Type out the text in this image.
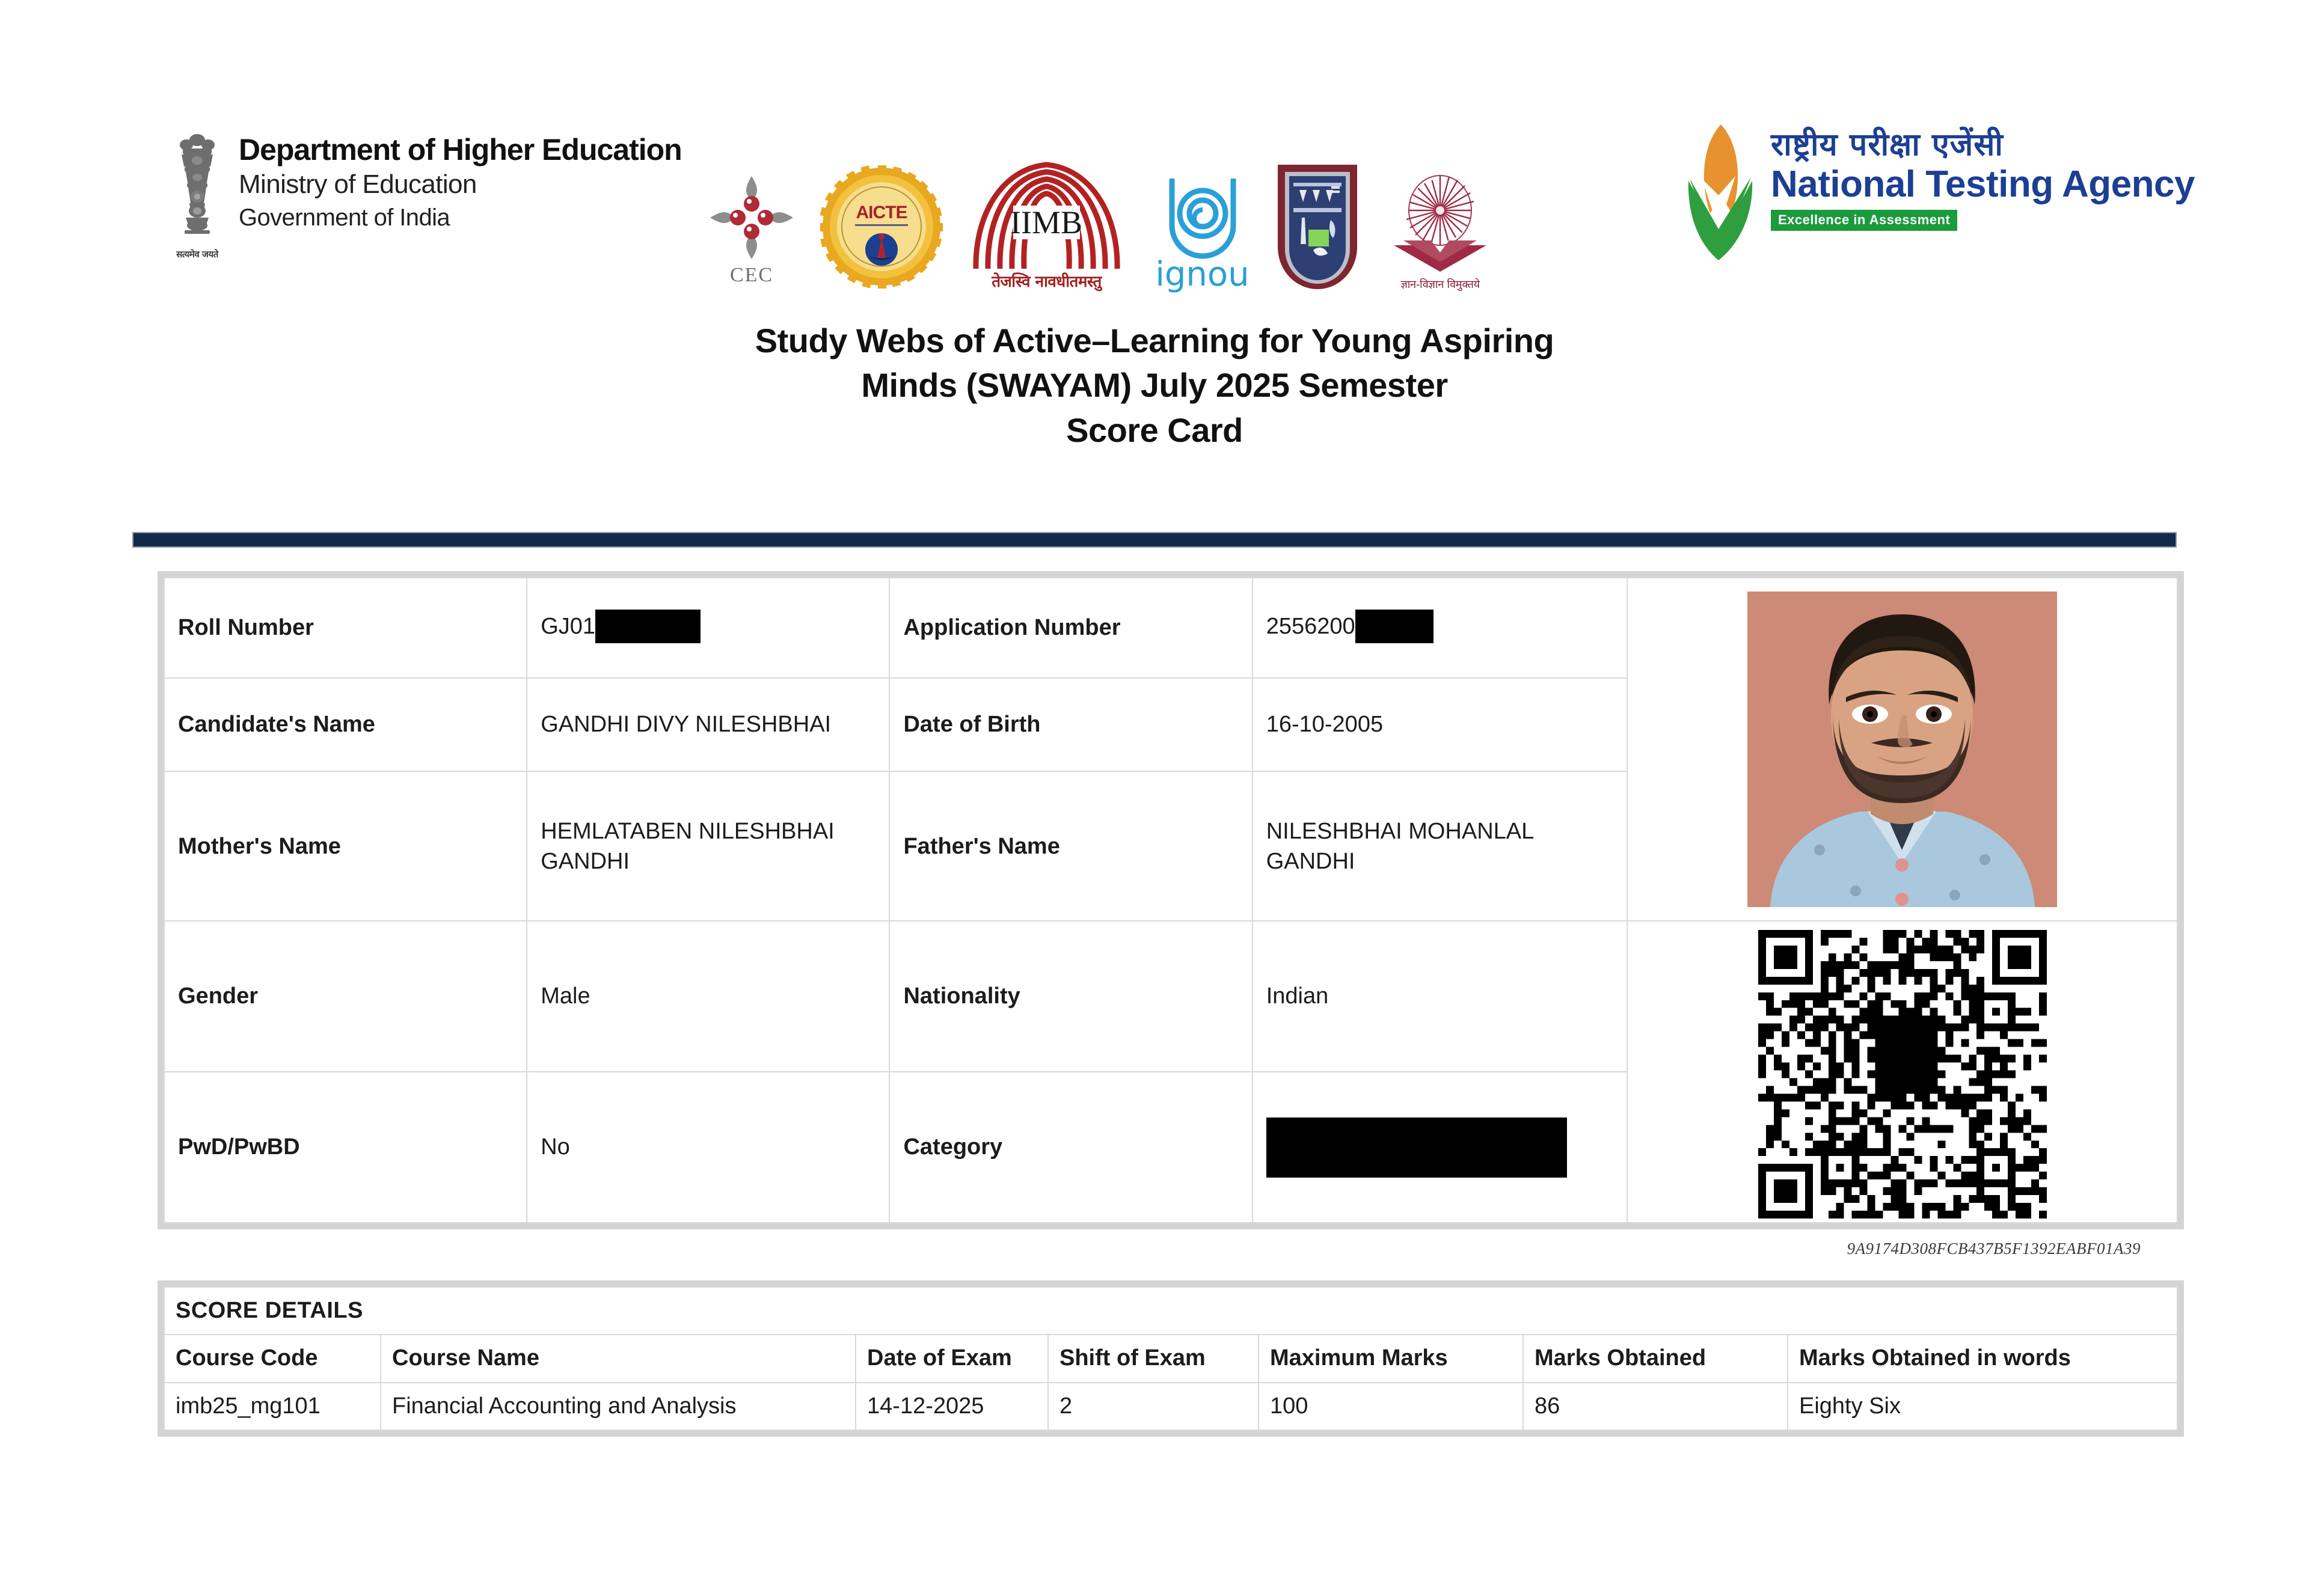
सत्यमेव जयते
Department of Higher Education
Ministry of Education
Government of India
CEC
AICTE	IIMB
तेजस्वि नावधीतमस्तु	ignou	ज्ञान-विज्ञान विमुक्तये
राष्ट्रीय परीक्षा एजेंसी
National Testing Agency
Excellence in Assessment
Study Webs of Active–Learning for Young Aspiring
Minds (SWAYAM) July 2025 Semester
Score Card
Roll Number	GJ01	Application Number	2556200	

Candidate's Name	GANDHI DIVY NILESHBHAI	Date of Birth	16-10-2005	
Mother's Name	HEMLATABEN NILESHBHAI GANDHI	Father's Name	NILESHBHAI MOHANLAL GANDHI	
Gender	Male	Nationality	Indian	

PwD/PwBD	No	Category		
9A9174D308FCB437B5F1392EABF01A39
SCORE DETAILS						
Course Code	Course Name	Date of Exam	Shift of Exam	Maximum Marks	Marks Obtained	Marks Obtained in words
imb25_mg101	Financial Accounting and Analysis	14-12-2025	2	100	86	Eighty Six
